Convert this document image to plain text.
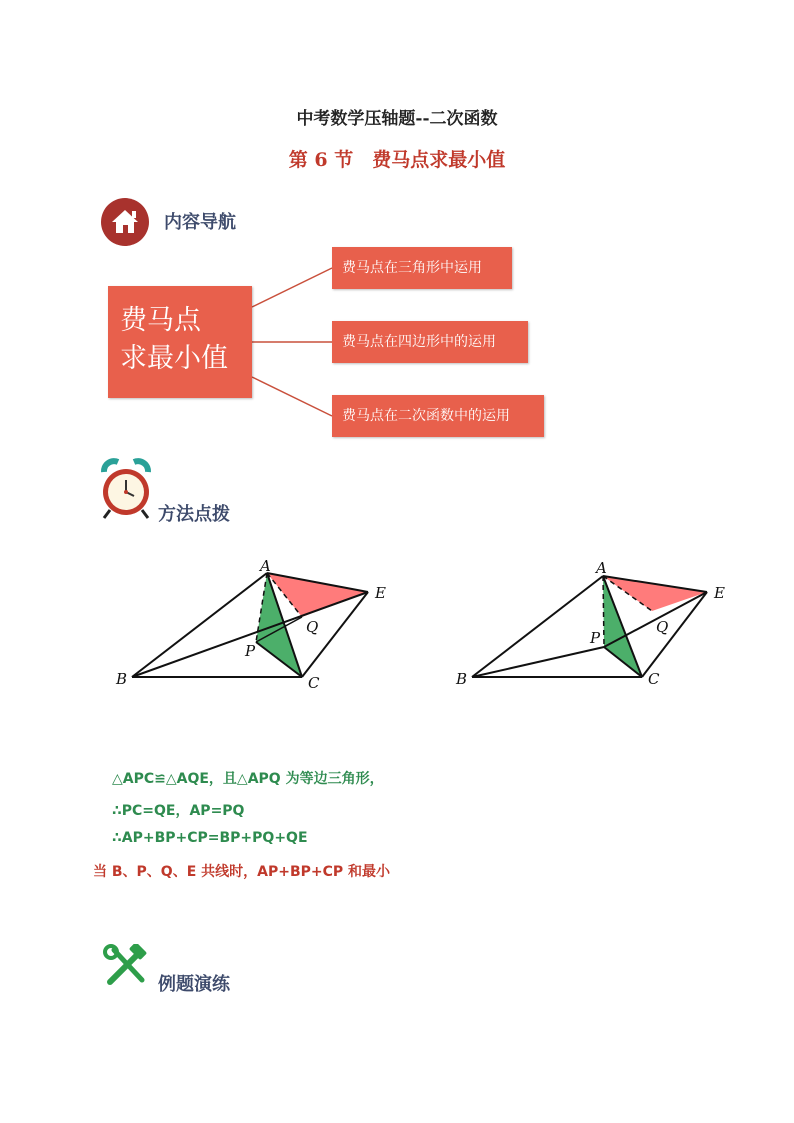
中考数学压轴题--二次函数
第 6 节　费马点求最小值
内容导航
费马点
求最小值
费马点在三角形中运用
费马点在四边形中的运用
费马点在二次函数中的运用
方法点拨
A
B	C
E
P
Q
A
B	C
E
P
Q
△APC≌△AQE，且△APQ 为等边三角形，
∴PC=QE，AP=PQ
∴AP+BP+CP=BP+PQ+QE
当 B、P、Q、E 共线时，AP+BP+CP 和最小
例题演练
